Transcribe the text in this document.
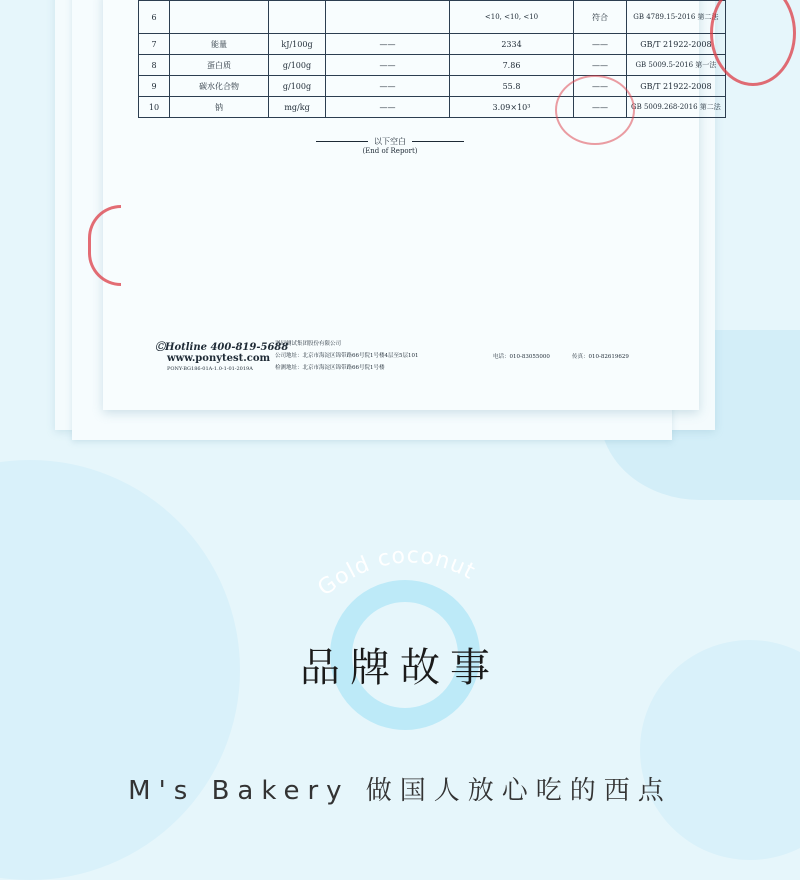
6				<10, <10, <10	符合	GB 4789.15-2016 第二法
7	能量	kJ/100g	——	2334	——	GB/T 21922-2008
8	蛋白质	g/100g	——	7.86	——	GB 5009.5-2016 第一法
9	碳水化合物	g/100g	——	55.8	——	GB/T 21922-2008
10	钠	mg/kg	——	3.09×10³	——	GB 5009.268-2016 第二法
以下空白
(End of Report)
ⒸHotline 400-819-5688
www.ponytest.com
PONY-BG186-01A-1.0-1-01-2019A
谱尼测试集团股份有限公司
公司地址：北京市海淀区锦带路66号院1号楼4层至5层101
检测地址：北京市海淀区锦带路66号院1号楼
电话：010-83055000	传真：010-82619629
Gold coconut
品牌故事
M's Bakery 做国人放心吃的西点
